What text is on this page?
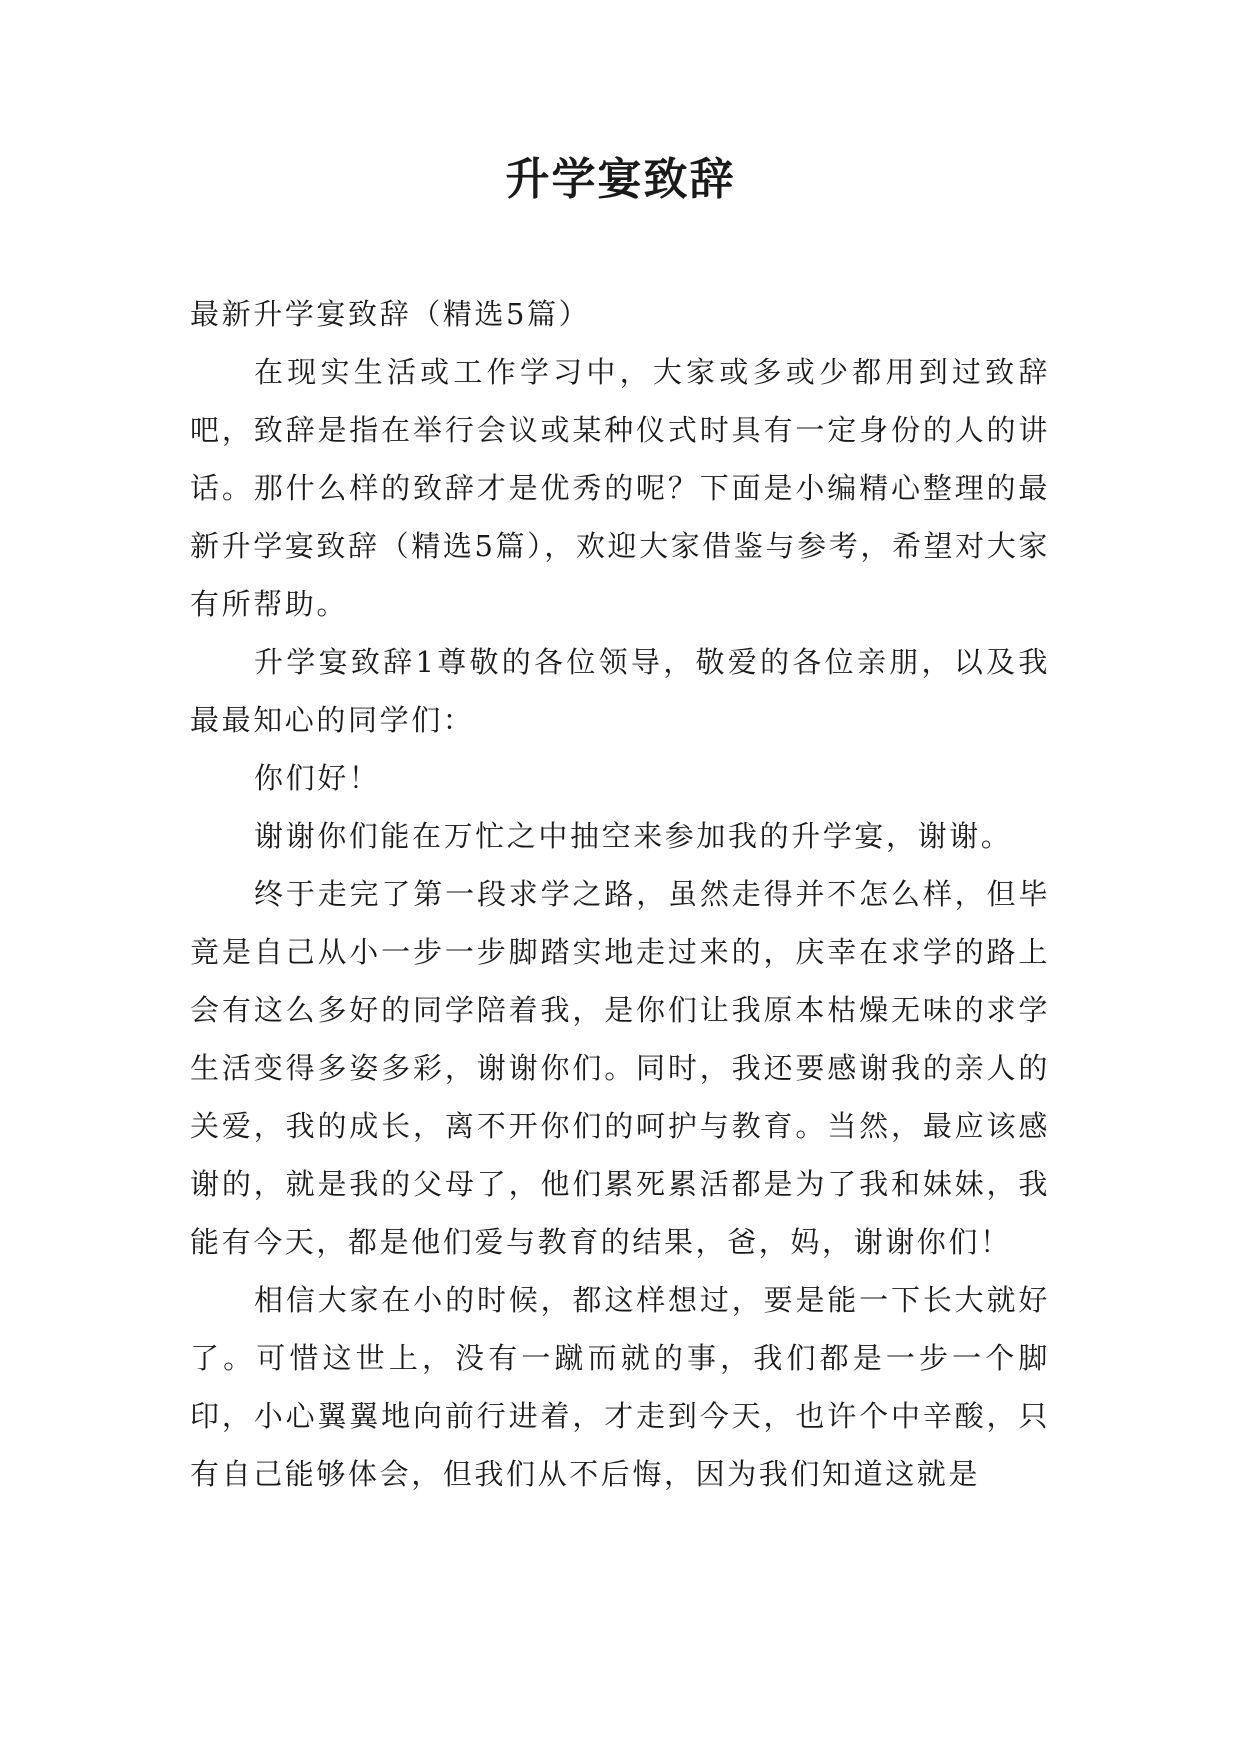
升学宴致辞

最新升学宴致辞（精选5篇）

在现实生活或工作学习中，大家或多或少都用到过致辞吧，致辞是指在举行会议或某种仪式时具有一定身份的人的讲话。那什么样的致辞才是优秀的呢？下面是小编精心整理的最新升学宴致辞（精选5篇），欢迎大家借鉴与参考，希望对大家有所帮助。

升学宴致辞1尊敬的各位领导，敬爱的各位亲朋，以及我最最知心的同学们：

你们好！

谢谢你们能在万忙之中抽空来参加我的升学宴，谢谢。

终于走完了第一段求学之路，虽然走得并不怎么样，但毕竟是自己从小一步一步脚踏实地走过来的，庆幸在求学的路上会有这么多好的同学陪着我，是你们让我原本枯燥无味的求学生活变得多姿多彩，谢谢你们。同时，我还要感谢我的亲人的关爱，我的成长，离不开你们的呵护与教育。当然，最应该感谢的，就是我的父母了，他们累死累活都是为了我和妹妹，我能有今天，都是他们爱与教育的结果，爸，妈，谢谢你们！

相信大家在小的时候，都这样想过，要是能一下长大就好了。可惜这世上，没有一蹴而就的事，我们都是一步一个脚印，小心翼翼地向前行进着，才走到今天，也许个中辛酸，只有自己能够体会，但我们从不后悔，因为我们知道这就是
